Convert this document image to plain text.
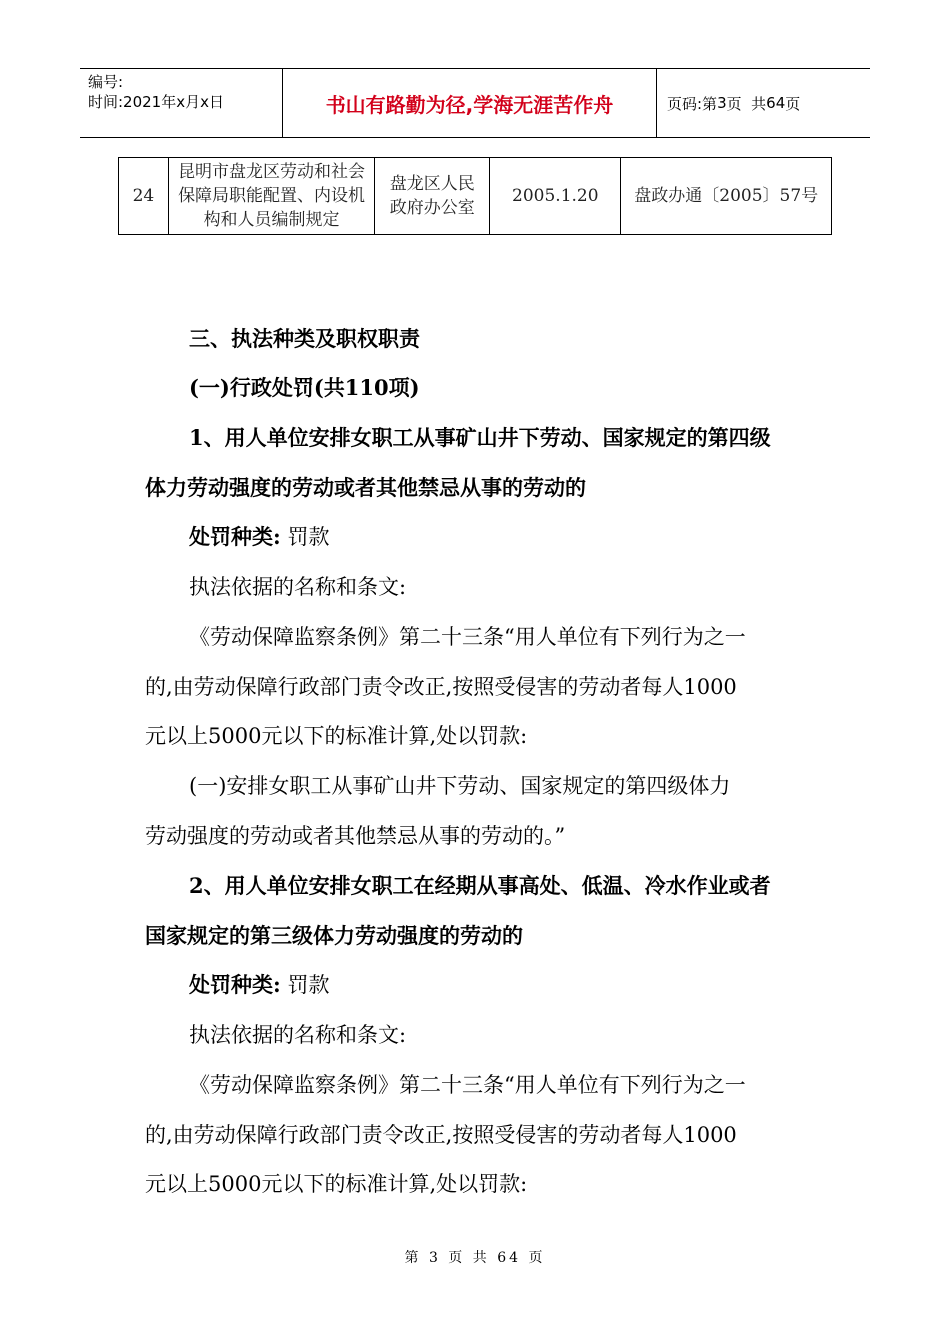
编号:
时间:2021年x月x日	书山有路勤为径,学海无涯苦作舟	页码:第 3 页  共 64 页
24	昆明市盘龙区劳动和社会保障局职能配置、内设机构和人员编制规定	盘龙区人民政府办公室	2005.1.20	盘政办通〔2005〕57号
三、执法种类及职权职责
(一)行政处罚(共110项)
1、用人单位安排女职工从事矿山井下劳动、国家规定的第四级
体力劳动强度的劳动或者其他禁忌从事的劳动的
处罚种类: 罚款
执法依据的名称和条文:
《劳动保障监察条例》第二十三条“用人单位有下列行为之一
的,由劳动保障行政部门责令改正,按照受侵害的劳动者每人1000
元以上5000元以下的标准计算,处以罚款:
(一)安排女职工从事矿山井下劳动、国家规定的第四级体力
劳动强度的劳动或者其他禁忌从事的劳动的。”
2、用人单位安排女职工在经期从事高处、低温、冷水作业或者
国家规定的第三级体力劳动强度的劳动的
处罚种类: 罚款
执法依据的名称和条文:
《劳动保障监察条例》第二十三条“用人单位有下列行为之一
的,由劳动保障行政部门责令改正,按照受侵害的劳动者每人1000
元以上5000元以下的标准计算,处以罚款:
第 3 页 共 64 页
